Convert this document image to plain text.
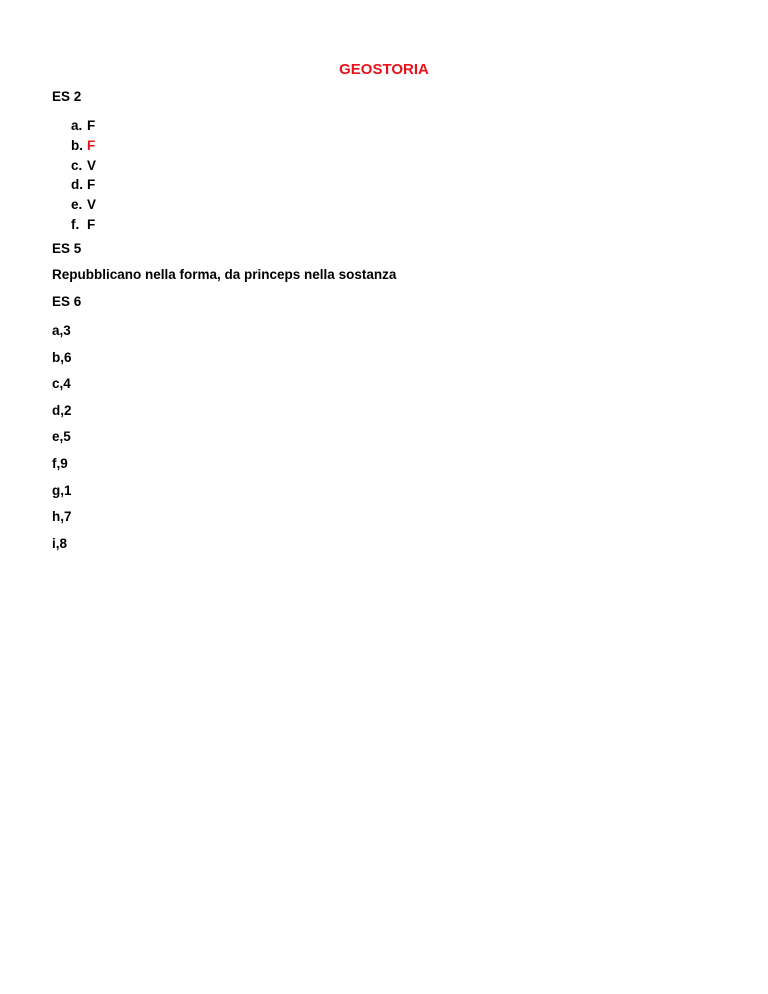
GEOSTORIA
ES 2
a. F
b. F
c. V
d. F
e. V
f. F
ES 5
Repubblicano nella forma, da princeps nella sostanza
ES 6
a,3
b,6
c,4
d,2
e,5
f,9
g,1
h,7
i,8
